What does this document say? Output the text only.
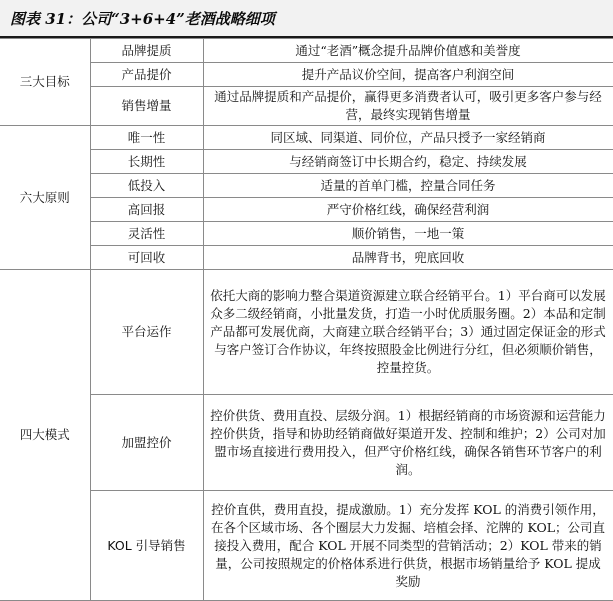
图表 31：公司“3+6+4”老酒战略细项
三大目标	品牌提质	通过“老酒”概念提升品牌价值感和美誉度
	产品提价	提升产品议价空间，提高客户利润空间
	销售增量	通过品牌提质和产品提价，赢得更多消费者认可，吸引更多客户参与经营，最终实现销售增量
六大原则	唯一性	同区域、同渠道、同价位，产品只授予一家经销商
	长期性	与经销商签订中长期合约，稳定、持续发展
	低投入	适量的首单门槛，控量合同任务
	高回报	严守价格红线，确保经营利润
	灵活性	顺价销售，一地一策
	可回收	品牌背书，兜底回收
四大模式	平台运作	依托大商的影响力整合渠道资源建立联合经销平台。1）平台商可以发展众多二级经销商，小批量发货，打造一小时优质服务圈。2）本品和定制产品都可发展优商，大商建立联合经销平台；3）通过固定保证金的形式与客户签订合作协议，年终按照股金比例进行分红，但必须顺价销售，控量控货。
	加盟控价	控价供货、费用直投、层级分润。1）根据经销商的市场资源和运营能力控价供货，指导和协助经销商做好渠道开发、控制和维护；2）公司对加盟市场直接进行费用投入，但严守价格红线，确保各销售环节客户的利润。
	KOL 引导销售	控价直供，费用直投，提成激励。1）充分发挥 KOL 的消费引领作用，在各个区域市场、各个圈层大力发掘、培植会择、沱牌的 KOL；公司直接投入费用，配合 KOL 开展不同类型的营销活动；2）KOL 带来的销量，公司按照规定的价格体系进行供货，根据市场销量给予 KOL 提成奖励
